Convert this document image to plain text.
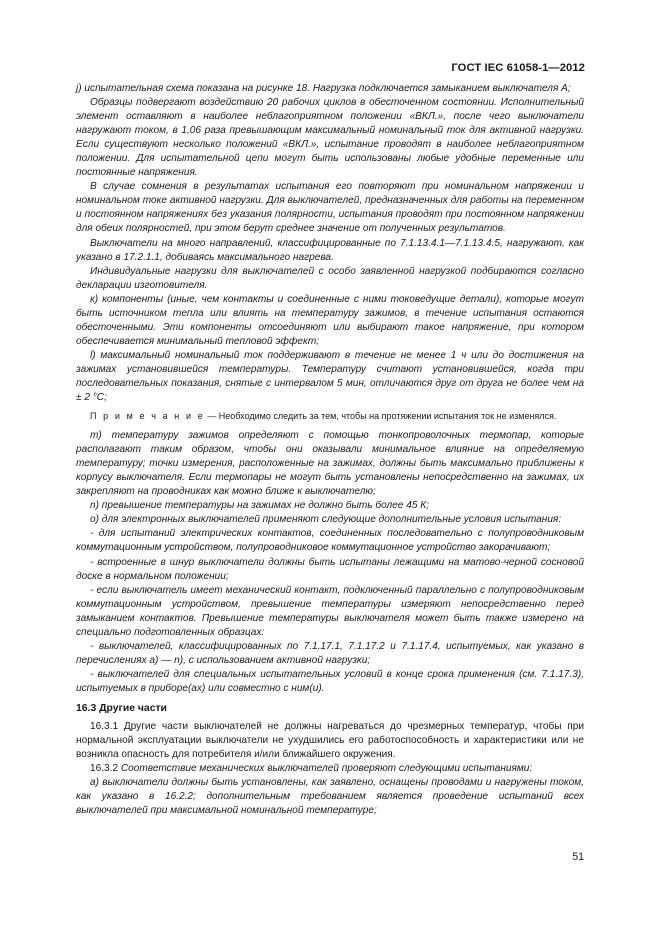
ГОСТ IEC 61058-1—2012

j) испытательная схема показана на рисунке 18. Нагрузка подключается замыканием выключателя А;

Образцы подвергают воздействию 20 рабочих циклов в обесточенном состоянии. Исполнительный элемент оставляют в наиболее неблагоприятном положении «ВКЛ.», после чего выключатели нагружают током, в 1,06 раза превышающим максимальный номинальный ток для активной нагрузки. Если существуют несколько положений «ВКЛ.», испытание проводят в наиболее неблагоприятном положении. Для испытательной цепи могут быть использованы любые удобные переменные или постоянные напряжения.

В случае сомнения в результатах испытания его повторяют при номинальном напряжении и номинальном токе активной нагрузки. Для выключателей, предназначенных для работы на переменном и постоянном напряжениях без указания полярности, испытания проводят при постоянном напряжении для обеих полярностей, при этом берут среднее значение от полученных результатов.

Выключатели на много направлений, классифицированные по 7.1.13.4.1—7.1.13.4.5, нагружают, как указано в 17.2.1.1, добиваясь максимального нагрева.

Индивидуальные нагрузки для выключателей с особо заявленной нагрузкой подбираются согласно декларации изготовителя.

к) компоненты (иные, чем контакты и соединенные с ними токоведущие детали), которые могут быть источником тепла или влиять на температуру зажимов, в течение испытания остаются обесточенными. Эти компоненты отсоединяют или выбирают такое напряжение, при котором обеспечивается минимальный тепловой эффект;

l) максимальный номинальный ток поддерживают в течение не менее 1 ч или до достижения на зажимах установившейся температуры. Температуру считают установившейся, когда три последовательных показания, снятые с интервалом 5 мин, отличаются друг от друга не более чем на ± 2 °С;

П р и м е ч а н и е — Необходимо следить за тем, чтобы на протяжении испытания ток не изменялся.

m) температуру зажимов определяют с помощью тонкопроволочных термопар, которые располагают таким образом, чтобы они оказывали минимальное влияние на определяемую температуру; точки измерения, расположенные на зажимах, должны быть максимально приближены к корпусу выключателя. Если термопары не могут быть установлены непосредственно на зажимах, их закрепляют на проводниках как можно ближе к выключателю;

n) превышение температуры на зажимах не должно быть более 45 К;

о) для электронных выключателей применяют следующие дополнительные условия испытания:

- для испытаний электрических контактов, соединенных последовательно с полупроводниковым коммутационным устройством, полупроводниковое коммутационное устройство закорачивают;

- встроенные в шнур выключатели должны быть испытаны лежащими на матово-черной сосновой доске в нормальном положении;

- если выключатель имеет механический контакт, подключенный параллельно с полупроводниковым коммутационным устройством, превышение температуры измеряют непосредственно перед замыканием контактов. Превышение температуры выключателя может быть также измерено на специально подготовленных образцах:

- выключателей, классифицированных по 7.1.17.1, 7.1.17.2 и 7.1.17.4, испытуемых, как указано в перечислениях а) — n), с использованием активной нагрузки;

- выключателей для специальных испытательных условий в конце срока применения (см. 7.1.17.3), испытуемых в приборе(ах) или совместно с ним(и).

16.3 Другие части

16.3.1 Другие части выключателей не должны нагреваться до чрезмерных температур, чтобы при нормальной эксплуатации выключатели не ухудшились его работоспособность и характеристики или не возникла опасность для потребителя и/или ближайшего окружения.

16.3.2 Соответствие механических выключателей проверяют следующими испытаниями:

а) выключатели должны быть установлены, как заявлено, оснащены проводами и нагружены током, как указано в 16.2.2; дополнительным требованием является проведение испытаний всех выключателей при максимальной номинальной температуре;

51
